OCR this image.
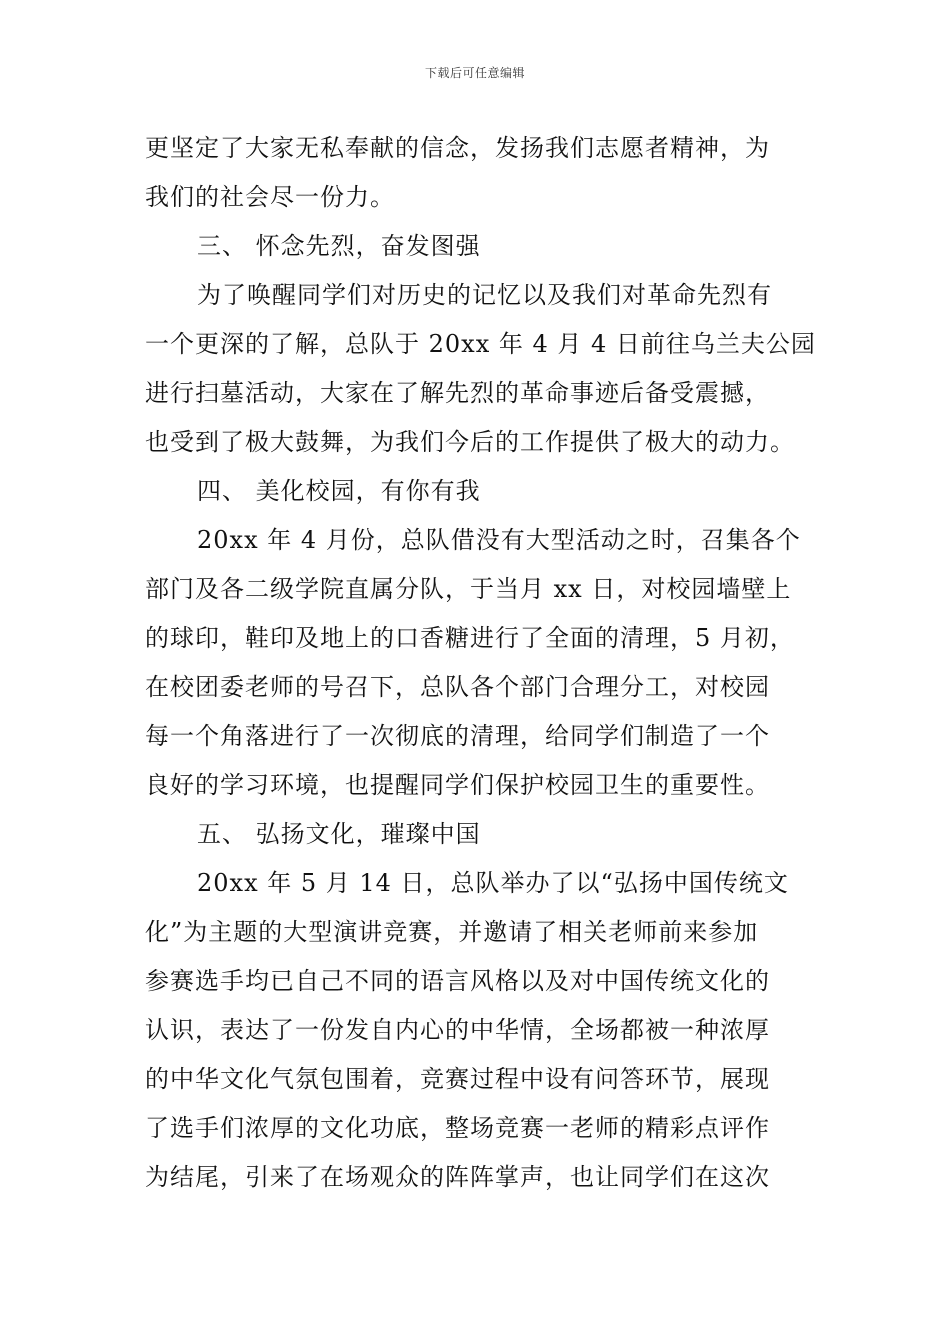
下载后可任意编辑
更坚定了大家无私奉献的信念，发扬我们志愿者精神，为
我们的社会尽一份力。
三、 怀念先烈，奋发图强
为了唤醒同学们对历史的记忆以及我们对革命先烈有
一个更深的了解，总队于 20xx 年 4 月 4 日前往乌兰夫公园
进行扫墓活动，大家在了解先烈的革命事迹后备受震撼，
也受到了极大鼓舞，为我们今后的工作提供了极大的动力。
四、 美化校园，有你有我
20xx 年 4 月份，总队借没有大型活动之时，召集各个
部门及各二级学院直属分队，于当月 xx 日，对校园墙壁上
的球印，鞋印及地上的口香糖进行了全面的清理，5 月初，
在校团委老师的号召下，总队各个部门合理分工，对校园
每一个角落进行了一次彻底的清理，给同学们制造了一个
良好的学习环境，也提醒同学们保护校园卫生的重要性。
五、 弘扬文化，璀璨中国
20xx 年 5 月 14 日，总队举办了以“弘扬中国传统文
化”为主题的大型演讲竞赛，并邀请了相关老师前来参加
参赛选手均已自己不同的语言风格以及对中国传统文化的
认识，表达了一份发自内心的中华情，全场都被一种浓厚
的中华文化气氛包围着，竞赛过程中设有问答环节，展现
了选手们浓厚的文化功底，整场竞赛一老师的精彩点评作
为结尾，引来了在场观众的阵阵掌声，也让同学们在这次
